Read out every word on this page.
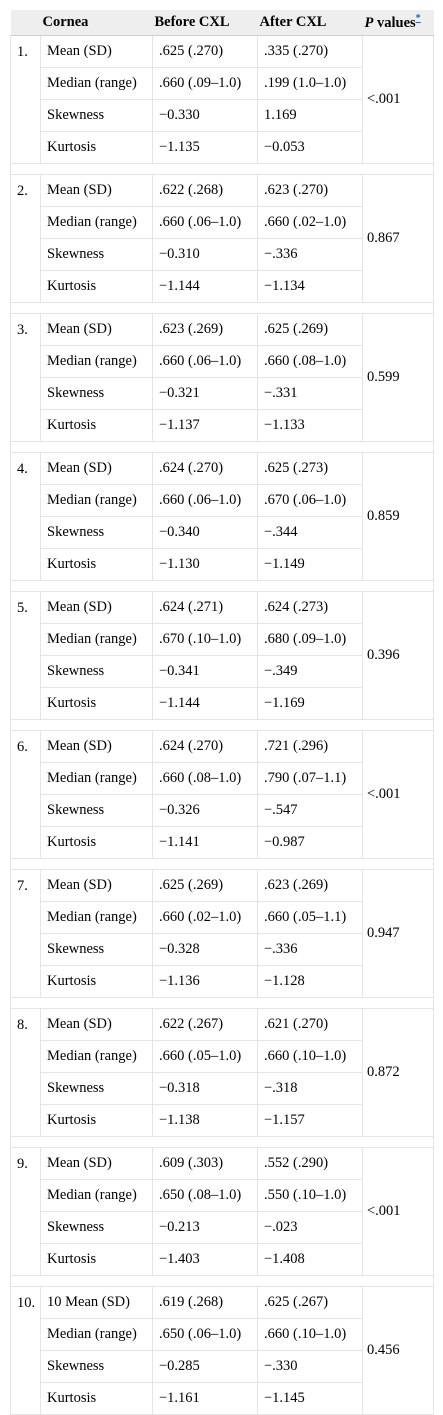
	Cornea	Before CXL	After CXL	P values*
1.	Mean (SD)	.625 (.270)	.335 (.270)	<.001
	Median (range)	.660 (.09–1.0)	.199 (1.0–1.0)	
	Skewness	−0.330	1.169	
	Kurtosis	−1.135	−0.053	

2.	Mean (SD)	.622 (.268)	.623 (.270)	0.867
	Median (range)	.660 (.06–1.0)	.660 (.02–1.0)	
	Skewness	−0.310	−.336	
	Kurtosis	−1.144	−1.134	

3.	Mean (SD)	.623 (.269)	.625 (.269)	0.599
	Median (range)	.660 (.06–1.0)	.660 (.08–1.0)	
	Skewness	−0.321	−.331	
	Kurtosis	−1.137	−1.133	

4.	Mean (SD)	.624 (.270)	.625 (.273)	0.859
	Median (range)	.660 (.06–1.0)	.670 (.06–1.0)	
	Skewness	−0.340	−.344	
	Kurtosis	−1.130	−1.149	

5.	Mean (SD)	.624 (.271)	.624 (.273)	0.396
	Median (range)	.670 (.10–1.0)	.680 (.09–1.0)	
	Skewness	−0.341	−.349	
	Kurtosis	−1.144	−1.169	

6.	Mean (SD)	.624 (.270)	.721 (.296)	<.001
	Median (range)	.660 (.08–1.0)	.790 (.07–1.1)	
	Skewness	−0.326	−.547	
	Kurtosis	−1.141	−0.987	

7.	Mean (SD)	.625 (.269)	.623 (.269)	0.947
	Median (range)	.660 (.02–1.0)	.660 (.05–1.1)	
	Skewness	−0.328	−.336	
	Kurtosis	−1.136	−1.128	

8.	Mean (SD)	.622 (.267)	.621 (.270)	0.872
	Median (range)	.660 (.05–1.0)	.660 (.10–1.0)	
	Skewness	−0.318	−.318	
	Kurtosis	−1.138	−1.157	

9.	Mean (SD)	.609 (.303)	.552 (.290)	<.001
	Median (range)	.650 (.08–1.0)	.550 (.10–1.0)	
	Skewness	−0.213	−.023	
	Kurtosis	−1.403	−1.408	

10.	10 Mean (SD)	.619 (.268)	.625 (.267)	0.456
	Median (range)	.650 (.06–1.0)	.660 (.10–1.0)	
	Skewness	−0.285	−.330	
	Kurtosis	−1.161	−1.145	
